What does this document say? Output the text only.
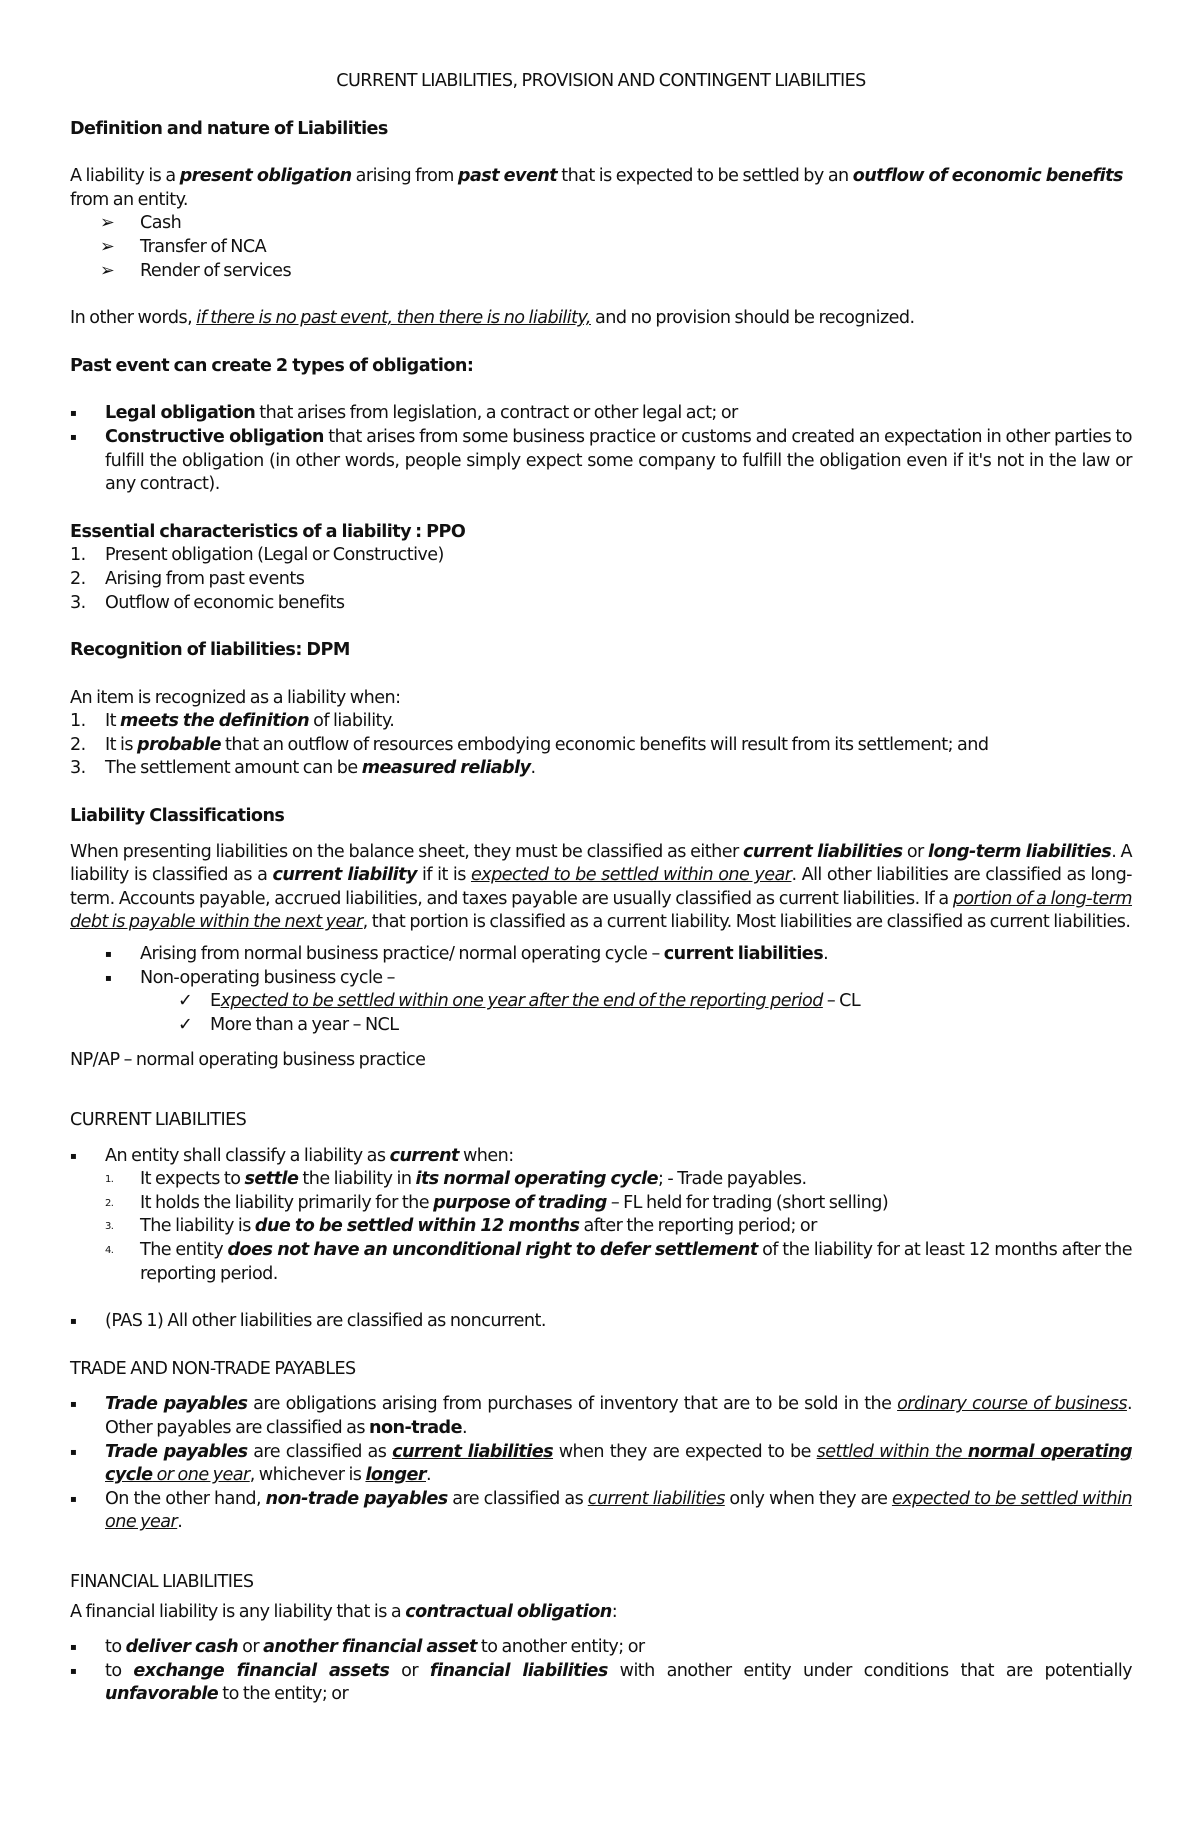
CURRENT LIABILITIES, PROVISION AND CONTINGENT LIABILITIES

Definition and nature of Liabilities

A liability is a present obligation arising from past event that is expected to be settled by an outflow of economic benefits from an entity.

➢ Cash
➢ Transfer of NCA
➢ Render of services

In other words, if there is no past event, then there is no liability, and no provision should be recognized.

Past event can create 2 types of obligation:

▪ Legal obligation that arises from legislation, a contract or other legal act; or
▪ Constructive obligation that arises from some business practice or customs and created an expectation in other parties to fulfill the obligation (in other words, people simply expect some company to fulfill the obligation even if it's not in the law or any contract).

Essential characteristics of a liability : PPO

1. Present obligation (Legal or Constructive)
2. Arising from past events
3. Outflow of economic benefits

Recognition of liabilities: DPM

An item is recognized as a liability when:

1. It meets the definition of liability.
2. It is probable that an outflow of resources embodying economic benefits will result from its settlement; and
3. The settlement amount can be measured reliably.

Liability Classifications

When presenting liabilities on the balance sheet, they must be classified as either current liabilities or long-term liabilities. A liability is classified as a current liability if it is expected to be settled within one year. All other liabilities are classified as long-term. Accounts payable, accrued liabilities, and taxes payable are usually classified as current liabilities. If a portion of a long-term debt is payable within the next year, that portion is classified as a current liability. Most liabilities are classified as current liabilities.

▪ Arising from normal business practice/ normal operating cycle – current liabilities.
▪ Non-operating business cycle –
✓ Expected to be settled within one year after the end of the reporting period – CL
✓ More than a year – NCL

NP/AP – normal operating business practice

CURRENT LIABILITIES

▪ An entity shall classify a liability as current when:
1. It expects to settle the liability in its normal operating cycle; - Trade payables.
2. It holds the liability primarily for the purpose of trading – FL held for trading (short selling)
3. The liability is due to be settled within 12 months after the reporting period; or
4. The entity does not have an unconditional right to defer settlement of the liability for at least 12 months after the reporting period.
▪ (PAS 1) All other liabilities are classified as noncurrent.

TRADE AND NON-TRADE PAYABLES

▪ Trade payables are obligations arising from purchases of inventory that are to be sold in the ordinary course of business. Other payables are classified as non-trade.
▪ Trade payables are classified as current liabilities when they are expected to be settled within the normal operating cycle or one year, whichever is longer.
▪ On the other hand, non-trade payables are classified as current liabilities only when they are expected to be settled within one year.

FINANCIAL LIABILITIES

A financial liability is any liability that is a contractual obligation:

▪ to deliver cash or another financial asset to another entity; or
▪ to exchange financial assets or financial liabilities with another entity under conditions that are potentially unfavorable to the entity; or
